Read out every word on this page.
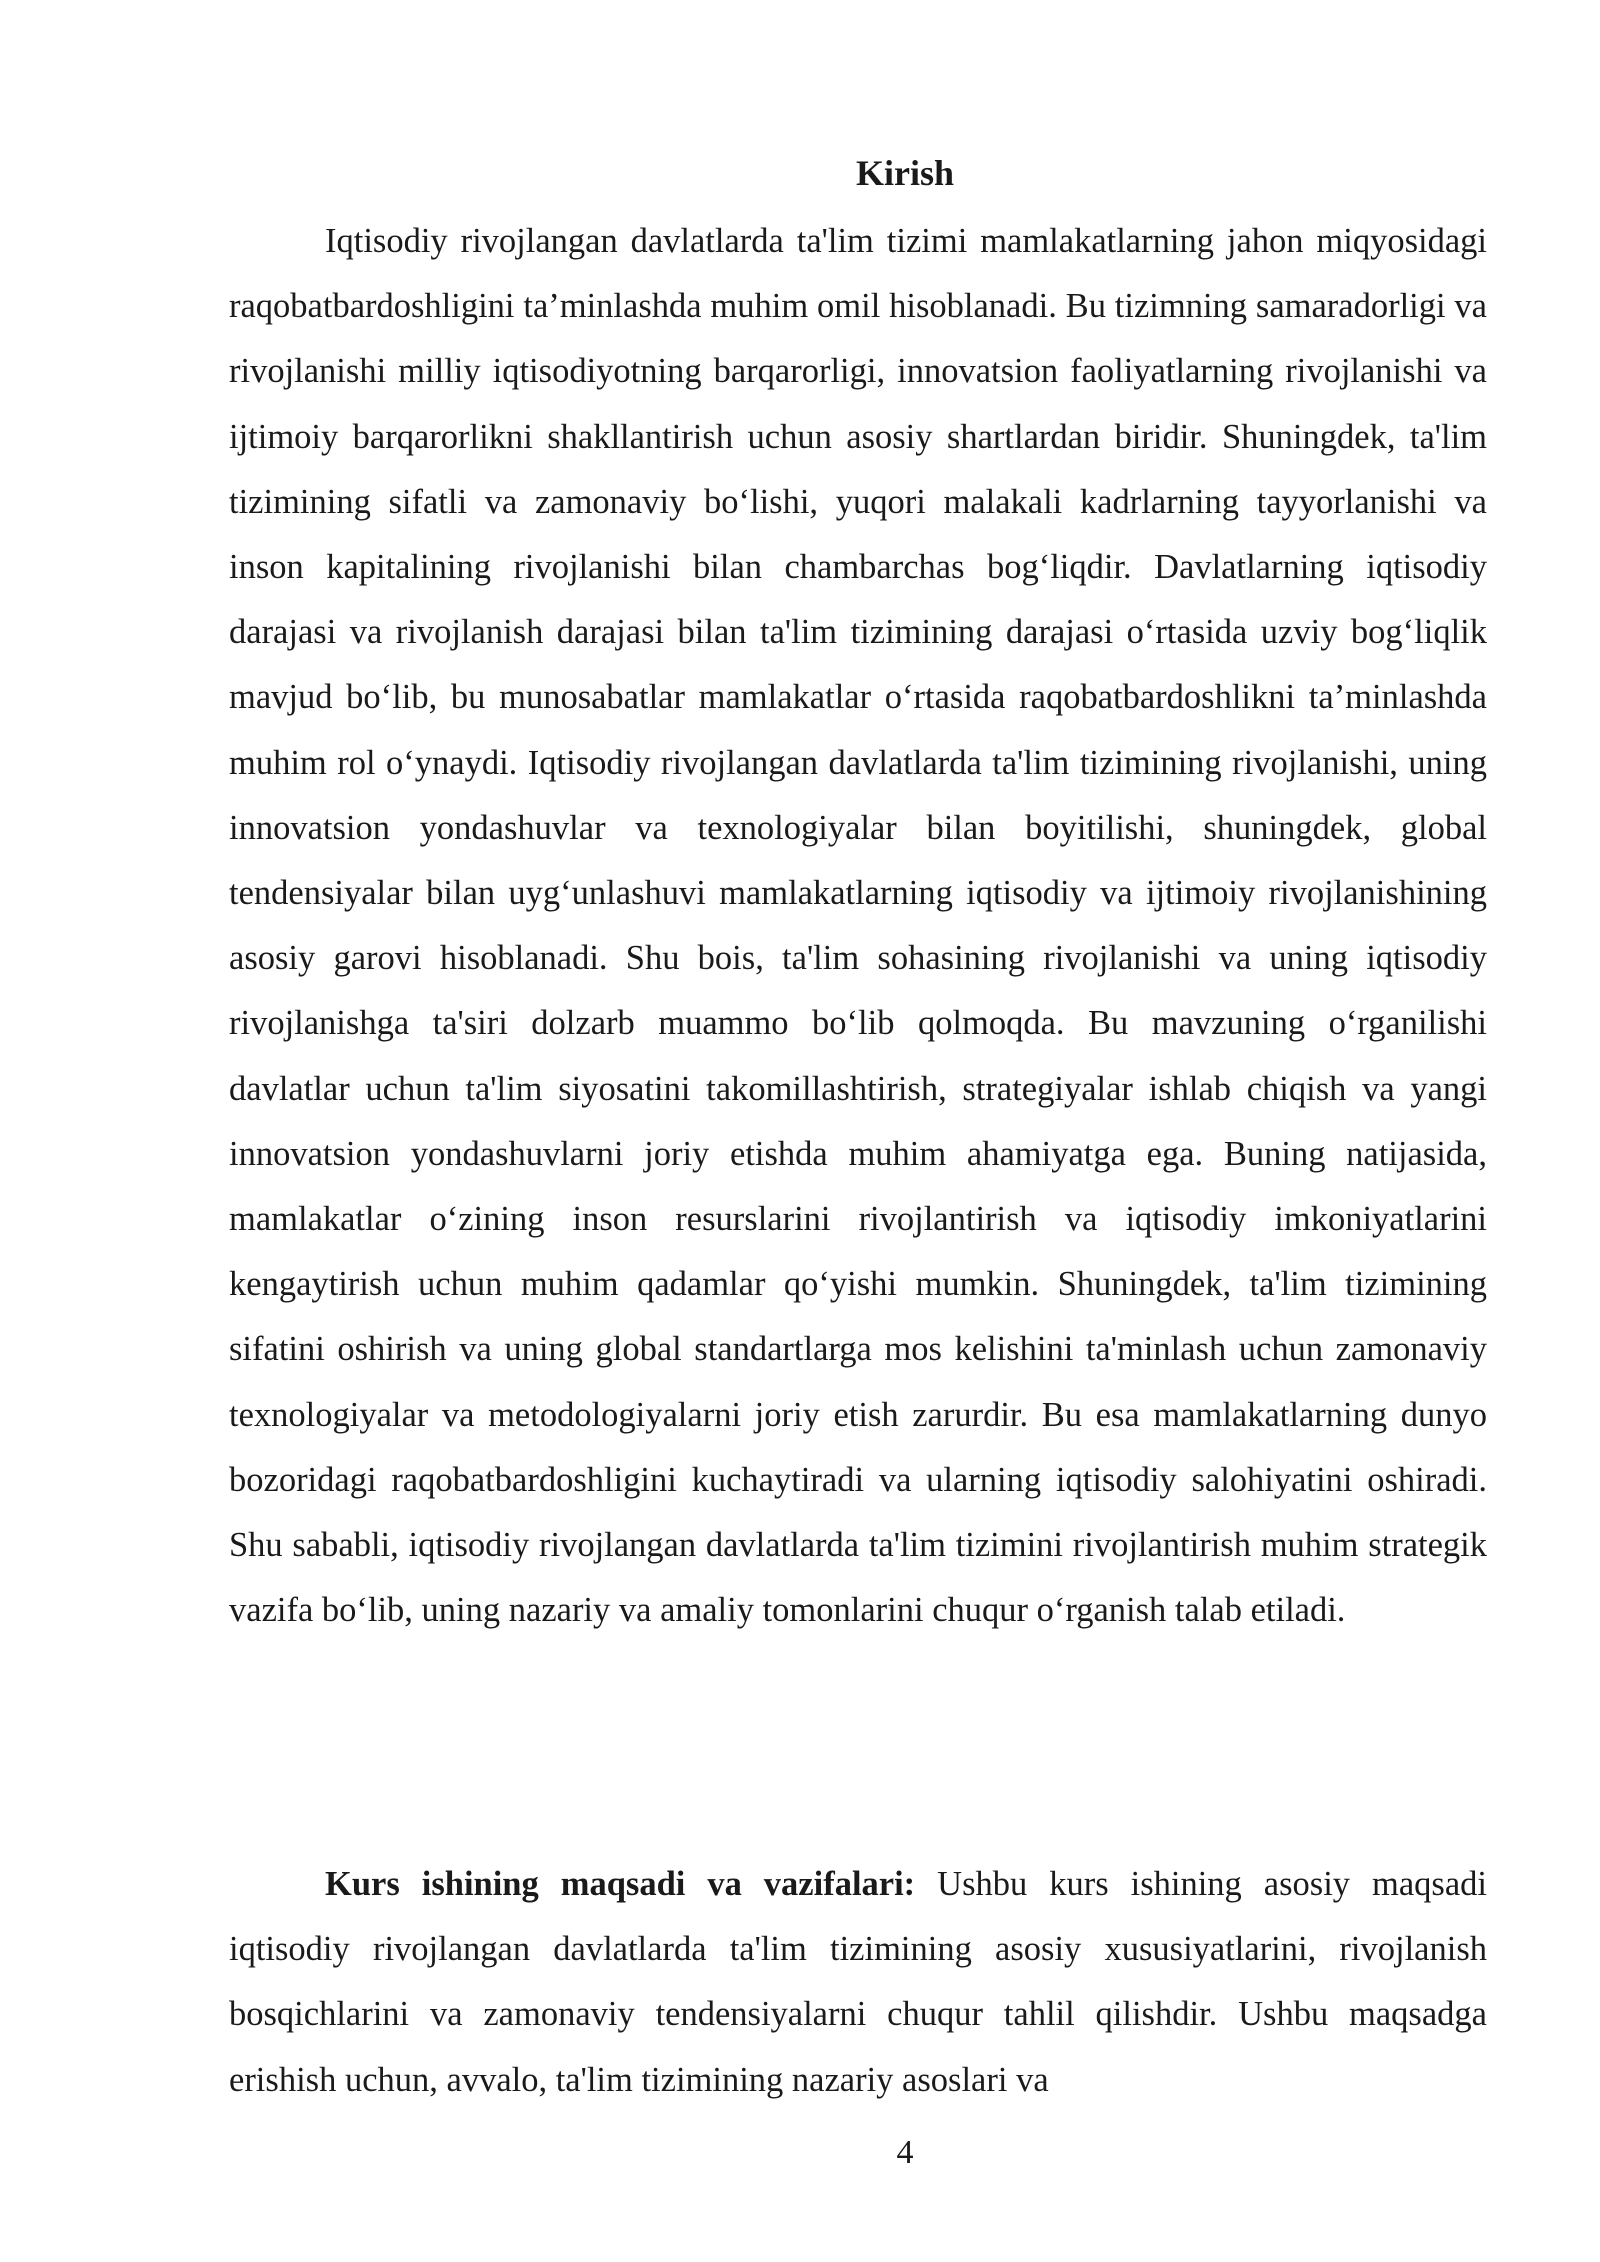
Kirish

Iqtisodiy rivojlangan davlatlarda ta'lim tizimi mamlakatlarning jahon miqyosidagi raqobatbardoshligini ta’minlashda muhim omil hisoblanadi. Bu tizimning samaradorligi va rivojlanishi milliy iqtisodiyotning barqarorligi, innovatsion faoliyatlarning rivojlanishi va ijtimoiy barqarorlikni shakllantirish uchun asosiy shartlardan biridir. Shuningdek, ta'lim tizimining sifatli va zamonaviy bo‘lishi, yuqori malakali kadrlarning tayyorlanishi va inson kapitalining rivojlanishi bilan chambarchas bog‘liqdir. Davlatlarning iqtisodiy darajasi va rivojlanish darajasi bilan ta'lim tizimining darajasi o‘rtasida uzviy bog‘liqlik mavjud bo‘lib, bu munosabatlar mamlakatlar o‘rtasida raqobatbardoshlikni ta’minlashda muhim rol o‘ynaydi. Iqtisodiy rivojlangan davlatlarda ta'lim tizimining rivojlanishi, uning innovatsion yondashuvlar va texnologiyalar bilan boyitilishi, shuningdek, global tendensiyalar bilan uyg‘unlashuvi mamlakatlarning iqtisodiy va ijtimoiy rivojlanishining asosiy garovi hisoblanadi. Shu bois, ta'lim sohasining rivojlanishi va uning iqtisodiy rivojlanishga ta'siri dolzarb muammo bo‘lib qolmoqda. Bu mavzuning o‘rganilishi davlatlar uchun ta'lim siyosatini takomillashtirish, strategiyalar ishlab chiqish va yangi innovatsion yondashuvlarni joriy etishda muhim ahamiyatga ega. Buning natijasida, mamlakatlar o‘zining inson resurslarini rivojlantirish va iqtisodiy imkoniyatlarini kengaytirish uchun muhim qadamlar qo‘yishi mumkin. Shuningdek, ta'lim tizimining sifatini oshirish va uning global standartlarga mos kelishini ta'minlash uchun zamonaviy texnologiyalar va metodologiyalarni joriy etish zarurdir. Bu esa mamlakatlarning dunyo bozoridagi raqobatbardoshligini kuchaytiradi va ularning iqtisodiy salohiyatini oshiradi. Shu sababli, iqtisodiy rivojlangan davlatlarda ta'lim tizimini rivojlantirish muhim strategik vazifa bo‘lib, uning nazariy va amaliy tomonlarini chuqur o‘rganish talab etiladi.

Kurs ishining maqsadi va vazifalari: Ushbu kurs ishining asosiy maqsadi iqtisodiy rivojlangan davlatlarda ta'lim tizimining asosiy xususiyatlarini, rivojlanish bosqichlarini va zamonaviy tendensiyalarni chuqur tahlil qilishdir. Ushbu maqsadga erishish uchun, avvalo, ta'lim tizimining nazariy asoslari va

4
